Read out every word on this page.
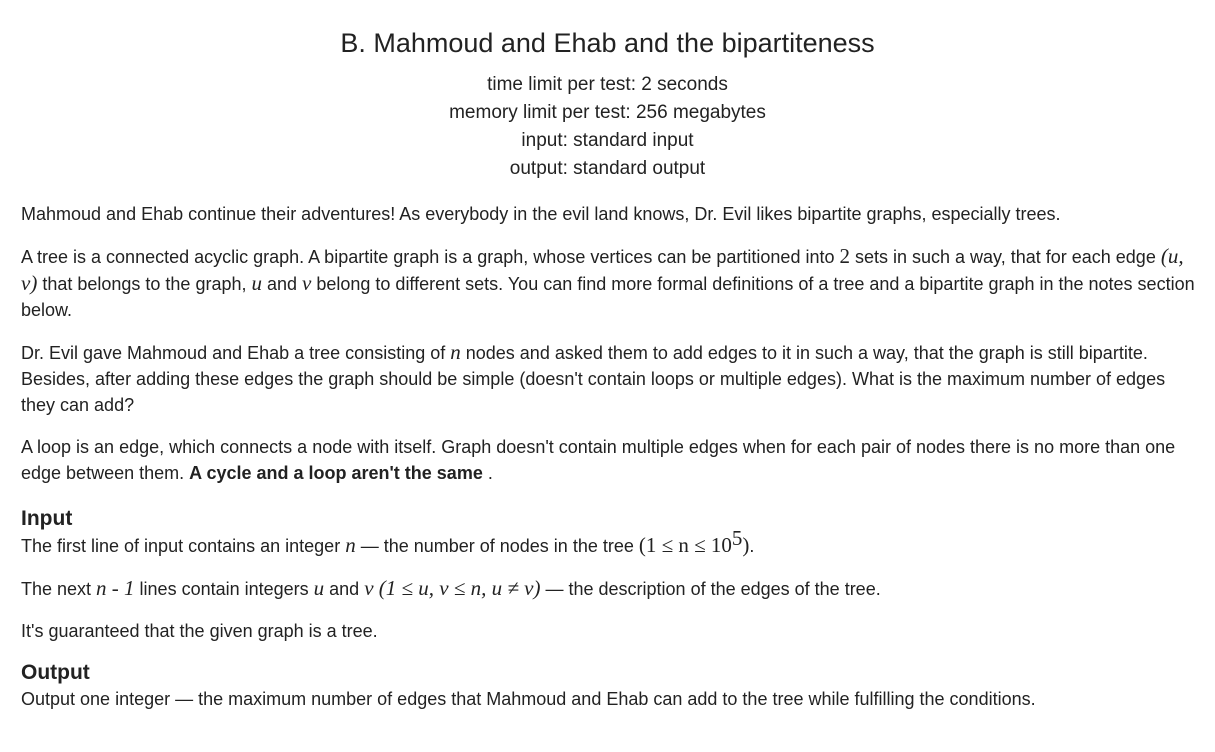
B. Mahmoud and Ehab and the bipartiteness
time limit per test: 2 seconds
memory limit per test: 256 megabytes
input: standard input
output: standard output

Mahmoud and Ehab continue their adventures! As everybody in the evil land knows, Dr. Evil likes bipartite graphs, especially trees.

A tree is a connected acyclic graph. A bipartite graph is a graph, whose vertices can be partitioned into 2 sets in such a way, that for each edge (u, v) that belongs to the graph, u and v belong to different sets. You can find more formal definitions of a tree and a bipartite graph in the notes section below.

Dr. Evil gave Mahmoud and Ehab a tree consisting of n nodes and asked them to add edges to it in such a way, that the graph is still bipartite. Besides, after adding these edges the graph should be simple (doesn't contain loops or multiple edges). What is the maximum number of edges they can add?

A loop is an edge, which connects a node with itself. Graph doesn't contain multiple edges when for each pair of nodes there is no more than one edge between them. A cycle and a loop aren't the same .

Input

The first line of input contains an integer n — the number of nodes in the tree $(1 \le n \le 10^5)$.

The next n - 1 lines contain integers u and v (1 ≤ u, v ≤ n, u ≠ v) — the description of the edges of the tree.

It's guaranteed that the given graph is a tree.

Output

Output one integer — the maximum number of edges that Mahmoud and Ehab can add to the tree while fulfilling the conditions.
